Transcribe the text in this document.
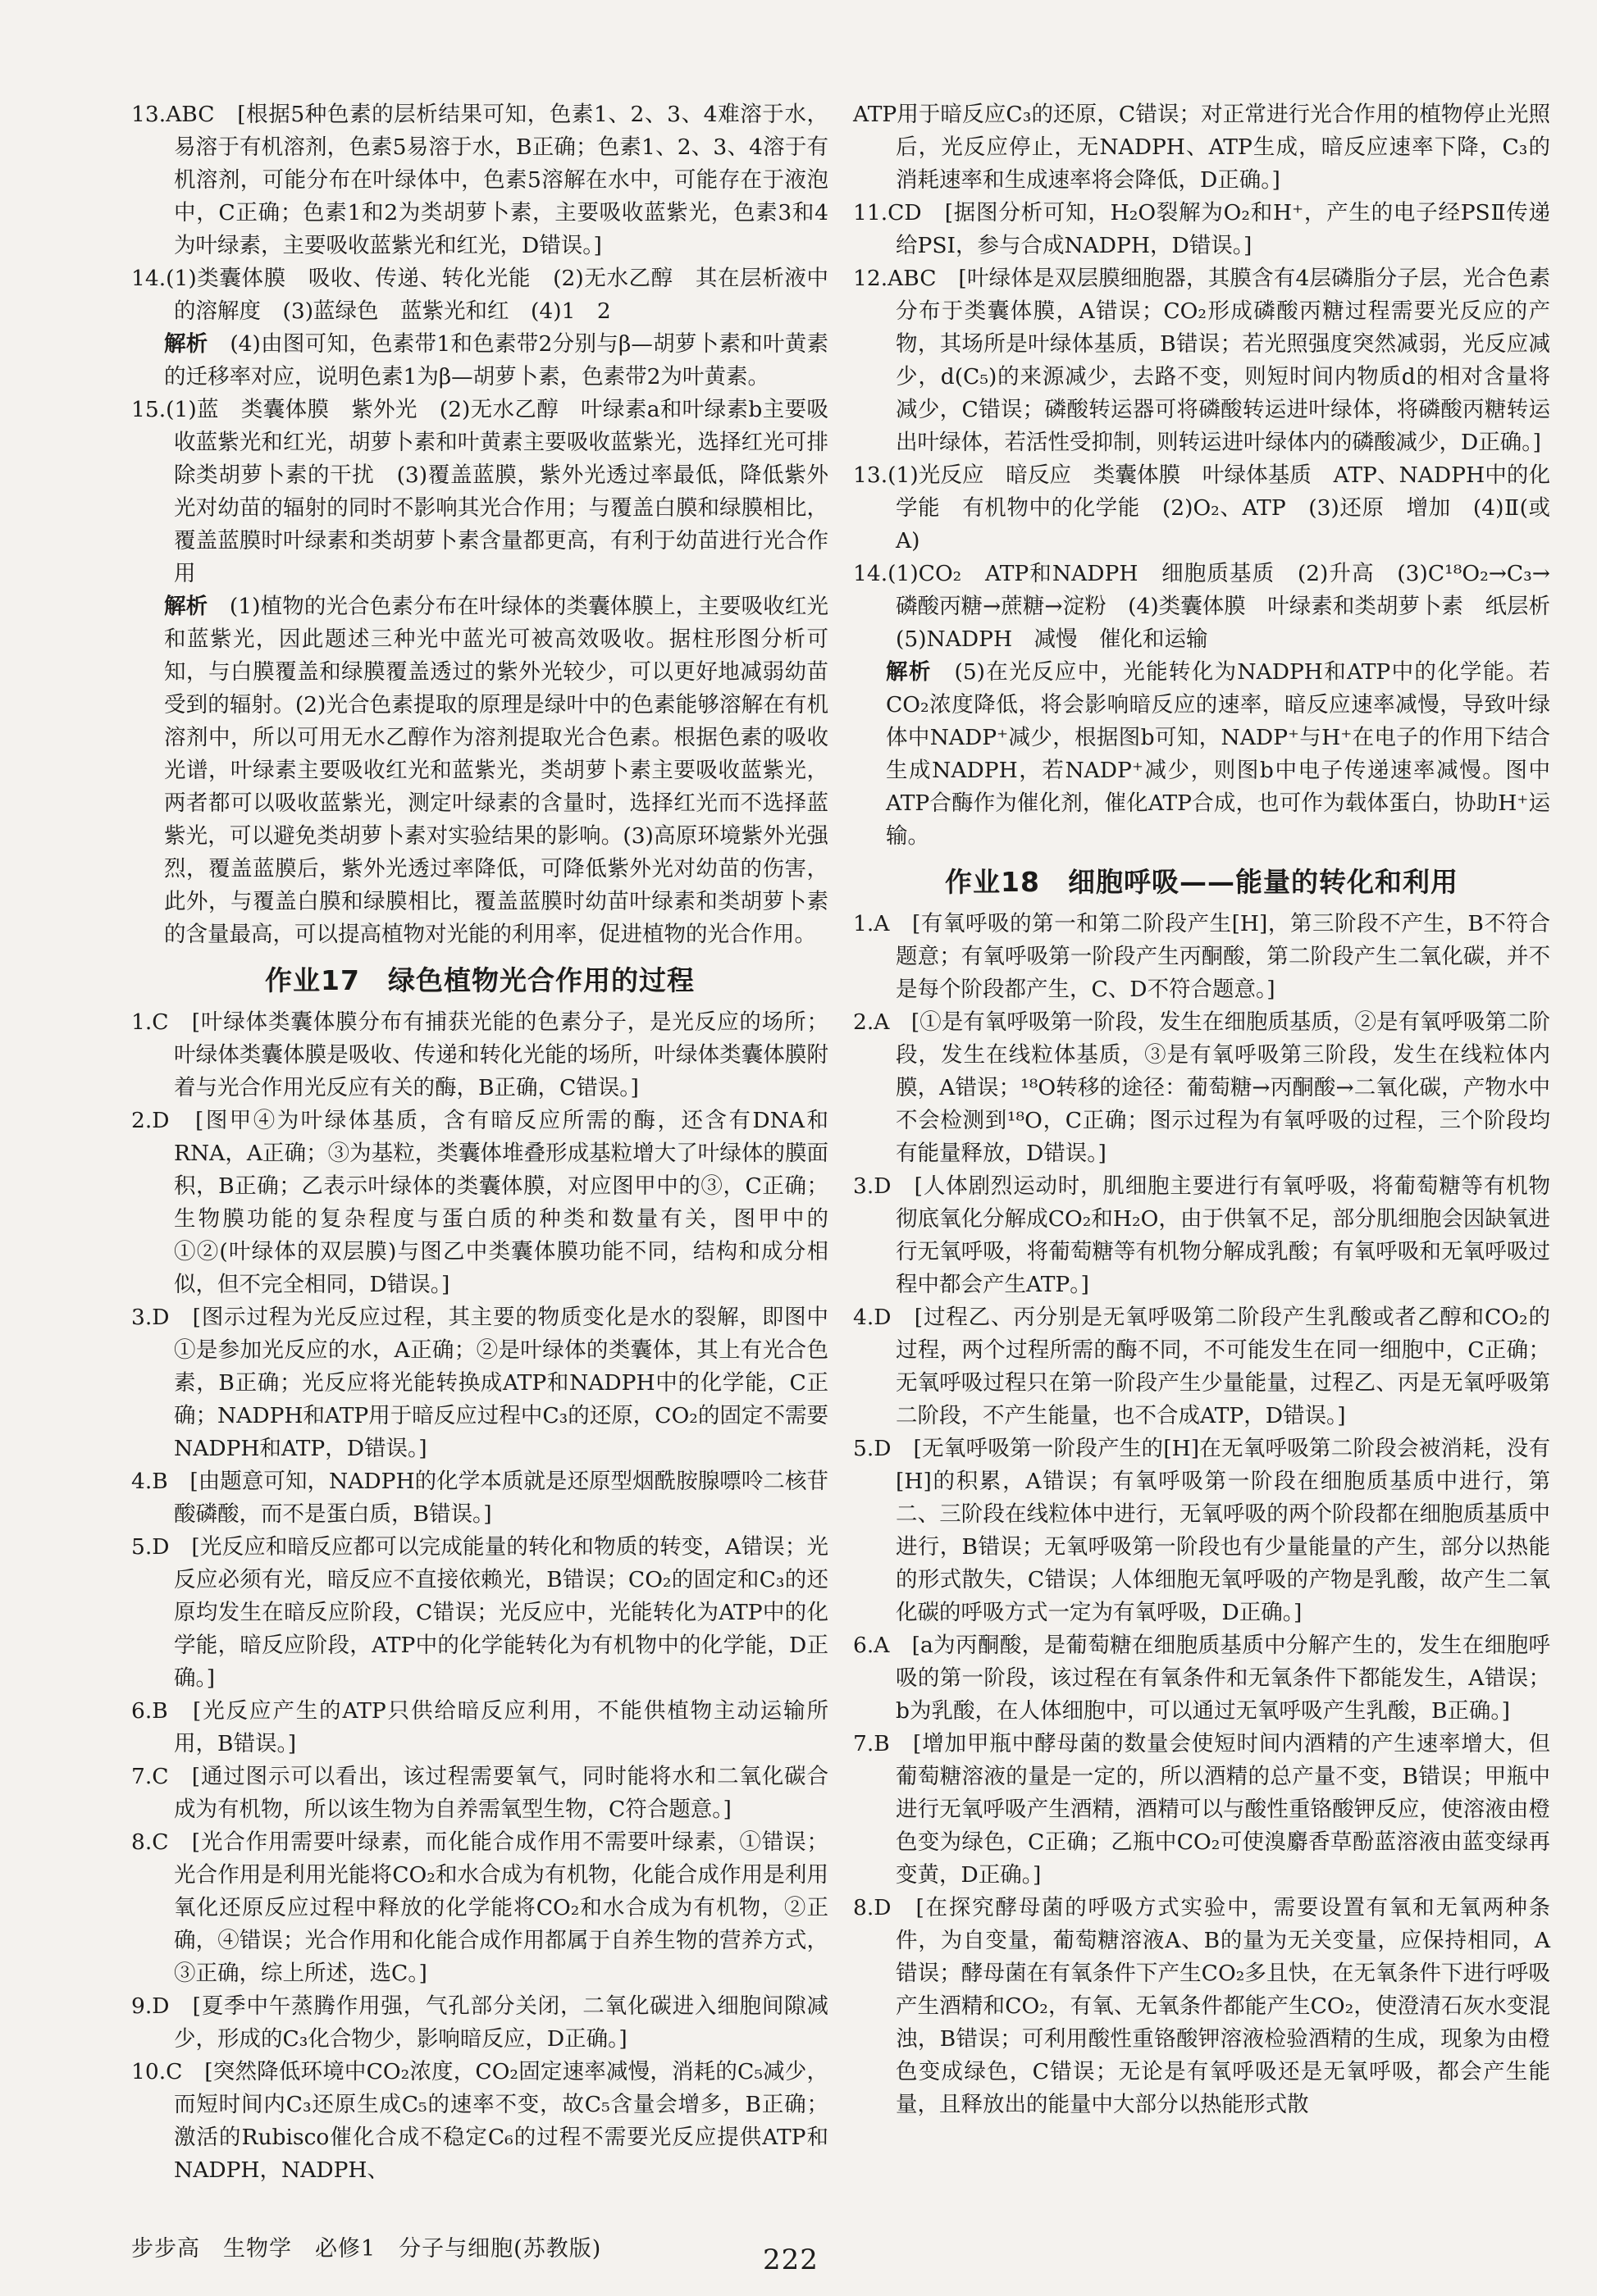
13.ABC　[根据5种色素的层析结果可知，色素1、2、3、4难溶于水，易溶于有机溶剂，色素5易溶于水，B正确；色素1、2、3、4溶于有机溶剂，可能分布在叶绿体中，色素5溶解在水中，可能存在于液泡中，C正确；色素1和2为类胡萝卜素，主要吸收蓝紫光，色素3和4为叶绿素，主要吸收蓝紫光和红光，D错误。]

14.(1)类囊体膜　吸收、传递、转化光能　(2)无水乙醇　其在层析液中的溶解度　(3)蓝绿色　蓝紫光和红　(4)1　2

解析　(4)由图可知，色素带1和色素带2分别与β—胡萝卜素和叶黄素的迁移率对应，说明色素1为β—胡萝卜素，色素带2为叶黄素。

15.(1)蓝　类囊体膜　紫外光　(2)无水乙醇　叶绿素a和叶绿素b主要吸收蓝紫光和红光，胡萝卜素和叶黄素主要吸收蓝紫光，选择红光可排除类胡萝卜素的干扰　(3)覆盖蓝膜，紫外光透过率最低，降低紫外光对幼苗的辐射的同时不影响其光合作用；与覆盖白膜和绿膜相比，覆盖蓝膜时叶绿素和类胡萝卜素含量都更高，有利于幼苗进行光合作用

解析　(1)植物的光合色素分布在叶绿体的类囊体膜上，主要吸收红光和蓝紫光，因此题述三种光中蓝光可被高效吸收。据柱形图分析可知，与白膜覆盖和绿膜覆盖透过的紫外光较少，可以更好地减弱幼苗受到的辐射。(2)光合色素提取的原理是绿叶中的色素能够溶解在有机溶剂中，所以可用无水乙醇作为溶剂提取光合色素。根据色素的吸收光谱，叶绿素主要吸收红光和蓝紫光，类胡萝卜素主要吸收蓝紫光，两者都可以吸收蓝紫光，测定叶绿素的含量时，选择红光而不选择蓝紫光，可以避免类胡萝卜素对实验结果的影响。(3)高原环境紫外光强烈，覆盖蓝膜后，紫外光透过率降低，可降低紫外光对幼苗的伤害，此外，与覆盖白膜和绿膜相比，覆盖蓝膜时幼苗叶绿素和类胡萝卜素的含量最高，可以提高植物对光能的利用率，促进植物的光合作用。

作业17　绿色植物光合作用的过程

1.C　[叶绿体类囊体膜分布有捕获光能的色素分子，是光反应的场所；叶绿体类囊体膜是吸收、传递和转化光能的场所，叶绿体类囊体膜附着与光合作用光反应有关的酶，B正确，C错误。]

2.D　[图甲④为叶绿体基质，含有暗反应所需的酶，还含有DNA和RNA，A正确；③为基粒，类囊体堆叠形成基粒增大了叶绿体的膜面积，B正确；乙表示叶绿体的类囊体膜，对应图甲中的③，C正确；生物膜功能的复杂程度与蛋白质的种类和数量有关，图甲中的①②(叶绿体的双层膜)与图乙中类囊体膜功能不同，结构和成分相似，但不完全相同，D错误。]

3.D　[图示过程为光反应过程，其主要的物质变化是水的裂解，即图中①是参加光反应的水，A正确；②是叶绿体的类囊体，其上有光合色素，B正确；光反应将光能转换成ATP和NADPH中的化学能，C正确；NADPH和ATP用于暗反应过程中C₃的还原，CO₂的固定不需要NADPH和ATP，D错误。]

4.B　[由题意可知，NADPH的化学本质就是还原型烟酰胺腺嘌呤二核苷酸磷酸，而不是蛋白质，B错误。]

5.D　[光反应和暗反应都可以完成能量的转化和物质的转变，A错误；光反应必须有光，暗反应不直接依赖光，B错误；CO₂的固定和C₃的还原均发生在暗反应阶段，C错误；光反应中，光能转化为ATP中的化学能，暗反应阶段，ATP中的化学能转化为有机物中的化学能，D正确。]

6.B　[光反应产生的ATP只供给暗反应利用，不能供植物主动运输所用，B错误。]

7.C　[通过图示可以看出，该过程需要氧气，同时能将水和二氧化碳合成为有机物，所以该生物为自养需氧型生物，C符合题意。]

8.C　[光合作用需要叶绿素，而化能合成作用不需要叶绿素，①错误；光合作用是利用光能将CO₂和水合成为有机物，化能合成作用是利用氧化还原反应过程中释放的化学能将CO₂和水合成为有机物，②正确，④错误；光合作用和化能合成作用都属于自养生物的营养方式，③正确，综上所述，选C。]

9.D　[夏季中午蒸腾作用强，气孔部分关闭，二氧化碳进入细胞间隙减少，形成的C₃化合物少，影响暗反应，D正确。]

10.C　[突然降低环境中CO₂浓度，CO₂固定速率减慢，消耗的C₅减少，而短时间内C₃还原生成C₅的速率不变，故C₅含量会增多，B正确；激活的Rubisco催化合成不稳定C₆的过程不需要光反应提供ATP和NADPH，NADPH、

ATP用于暗反应C₃的还原，C错误；对正常进行光合作用的植物停止光照后，光反应停止，无NADPH、ATP生成，暗反应速率下降，C₃的消耗速率和生成速率将会降低，D正确。]

11.CD　[据图分析可知，H₂O裂解为O₂和H⁺，产生的电子经PSⅡ传递给PSⅠ，参与合成NADPH，D错误。]

12.ABC　[叶绿体是双层膜细胞器，其膜含有4层磷脂分子层，光合色素分布于类囊体膜，A错误；CO₂形成磷酸丙糖过程需要光反应的产物，其场所是叶绿体基质，B错误；若光照强度突然减弱，光反应减少，d(C₅)的来源减少，去路不变，则短时间内物质d的相对含量将减少，C错误；磷酸转运器可将磷酸转运进叶绿体，将磷酸丙糖转运出叶绿体，若活性受抑制，则转运进叶绿体内的磷酸减少，D正确。]

13.(1)光反应　暗反应　类囊体膜　叶绿体基质　ATP、NADPH中的化学能　有机物中的化学能　(2)O₂、ATP　(3)还原　增加　(4)Ⅱ(或A)

14.(1)CO₂　ATP和NADPH　细胞质基质　(2)升高　(3)C¹⁸O₂→C₃→磷酸丙糖→蔗糖→淀粉　(4)类囊体膜　叶绿素和类胡萝卜素　纸层析　(5)NADPH　减慢　催化和运输

解析　(5)在光反应中，光能转化为NADPH和ATP中的化学能。若CO₂浓度降低，将会影响暗反应的速率，暗反应速率减慢，导致叶绿体中NADP⁺减少，根据图b可知，NADP⁺与H⁺在电子的作用下结合生成NADPH，若NADP⁺减少，则图b中电子传递速率减慢。图中ATP合酶作为催化剂，催化ATP合成，也可作为载体蛋白，协助H⁺运输。

作业18　细胞呼吸——能量的转化和利用

1.A　[有氧呼吸的第一和第二阶段产生[H]，第三阶段不产生，B不符合题意；有氧呼吸第一阶段产生丙酮酸，第二阶段产生二氧化碳，并不是每个阶段都产生，C、D不符合题意。]

2.A　[①是有氧呼吸第一阶段，发生在细胞质基质，②是有氧呼吸第二阶段，发生在线粒体基质，③是有氧呼吸第三阶段，发生在线粒体内膜，A错误；¹⁸O转移的途径：葡萄糖→丙酮酸→二氧化碳，产物水中不会检测到¹⁸O，C正确；图示过程为有氧呼吸的过程，三个阶段均有能量释放，D错误。]

3.D　[人体剧烈运动时，肌细胞主要进行有氧呼吸，将葡萄糖等有机物彻底氧化分解成CO₂和H₂O，由于供氧不足，部分肌细胞会因缺氧进行无氧呼吸，将葡萄糖等有机物分解成乳酸；有氧呼吸和无氧呼吸过程中都会产生ATP。]

4.D　[过程乙、丙分别是无氧呼吸第二阶段产生乳酸或者乙醇和CO₂的过程，两个过程所需的酶不同，不可能发生在同一细胞中，C正确；无氧呼吸过程只在第一阶段产生少量能量，过程乙、丙是无氧呼吸第二阶段，不产生能量，也不合成ATP，D错误。]

5.D　[无氧呼吸第一阶段产生的[H]在无氧呼吸第二阶段会被消耗，没有[H]的积累，A错误；有氧呼吸第一阶段在细胞质基质中进行，第二、三阶段在线粒体中进行，无氧呼吸的两个阶段都在细胞质基质中进行，B错误；无氧呼吸第一阶段也有少量能量的产生，部分以热能的形式散失，C错误；人体细胞无氧呼吸的产物是乳酸，故产生二氧化碳的呼吸方式一定为有氧呼吸，D正确。]

6.A　[a为丙酮酸，是葡萄糖在细胞质基质中分解产生的，发生在细胞呼吸的第一阶段，该过程在有氧条件和无氧条件下都能发生，A错误；b为乳酸，在人体细胞中，可以通过无氧呼吸产生乳酸，B正确。]

7.B　[增加甲瓶中酵母菌的数量会使短时间内酒精的产生速率增大，但葡萄糖溶液的量是一定的，所以酒精的总产量不变，B错误；甲瓶中进行无氧呼吸产生酒精，酒精可以与酸性重铬酸钾反应，使溶液由橙色变为绿色，C正确；乙瓶中CO₂可使溴麝香草酚蓝溶液由蓝变绿再变黄，D正确。]

8.D　[在探究酵母菌的呼吸方式实验中，需要设置有氧和无氧两种条件，为自变量，葡萄糖溶液A、B的量为无关变量，应保持相同，A错误；酵母菌在有氧条件下产生CO₂多且快，在无氧条件下进行呼吸产生酒精和CO₂，有氧、无氧条件都能产生CO₂，使澄清石灰水变混浊，B错误；可利用酸性重铬酸钾溶液检验酒精的生成，现象为由橙色变成绿色，C错误；无论是有氧呼吸还是无氧呼吸，都会产生能量，且释放出的能量中大部分以热能形式散

步步高　生物学　必修1　分子与细胞(苏教版)	222
